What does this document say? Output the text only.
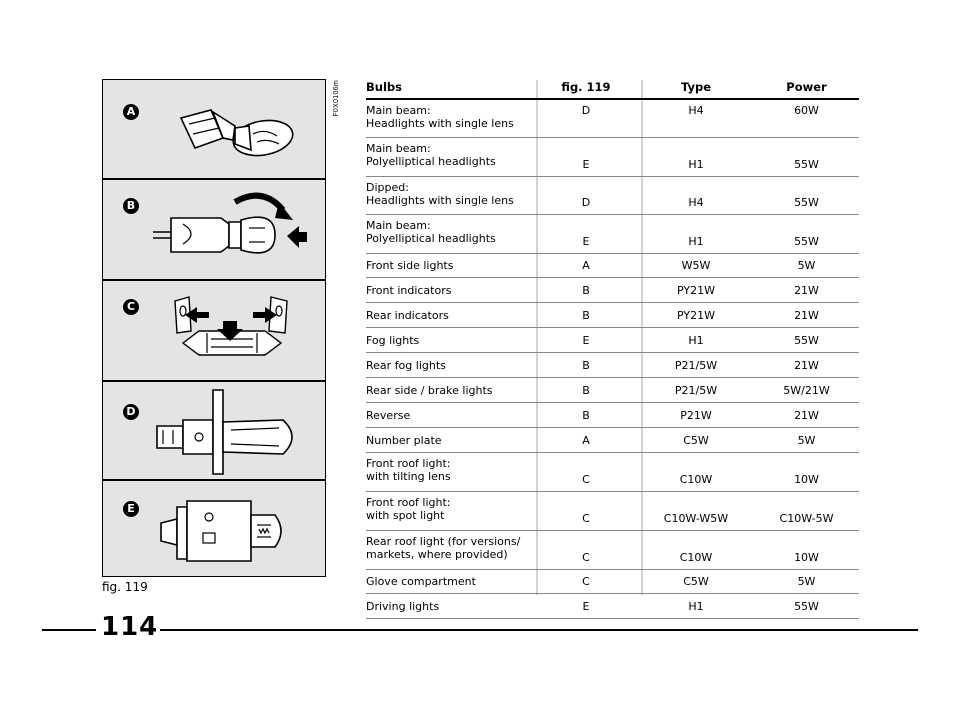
A
B
C
D
E
F0X0106m
fig. 119
Bulbs	fig. 119	Type	Power
Main beam:
Headlights with single lens
D	H4	60W
Main beam:
Polyelliptical headlights	E	H1	55W
Dipped:
Headlights with single lens	D	H4	55W
Main beam:
Polyelliptical headlights	E	H1	55W
Front side lights	A	W5W	5W
Front indicators	B	PY21W	21W
Rear indicators	B	PY21W	21W
Fog lights	E	H1	55W
Rear fog lights	B	P21/5W	21W
Rear side / brake lights	B	P21/5W	5W/21W
Reverse	B	P21W	21W
Number plate	A	C5W	5W
Front roof light:
with tilting lens	C	C10W	10W
Front roof light:
with spot light	C	C10W-W5W	C10W-5W
Rear roof light (for versions/
markets, where provided)	C	C10W	10W
Glove compartment	C	C5W	5W
Driving lights	E	H1	55W
114
